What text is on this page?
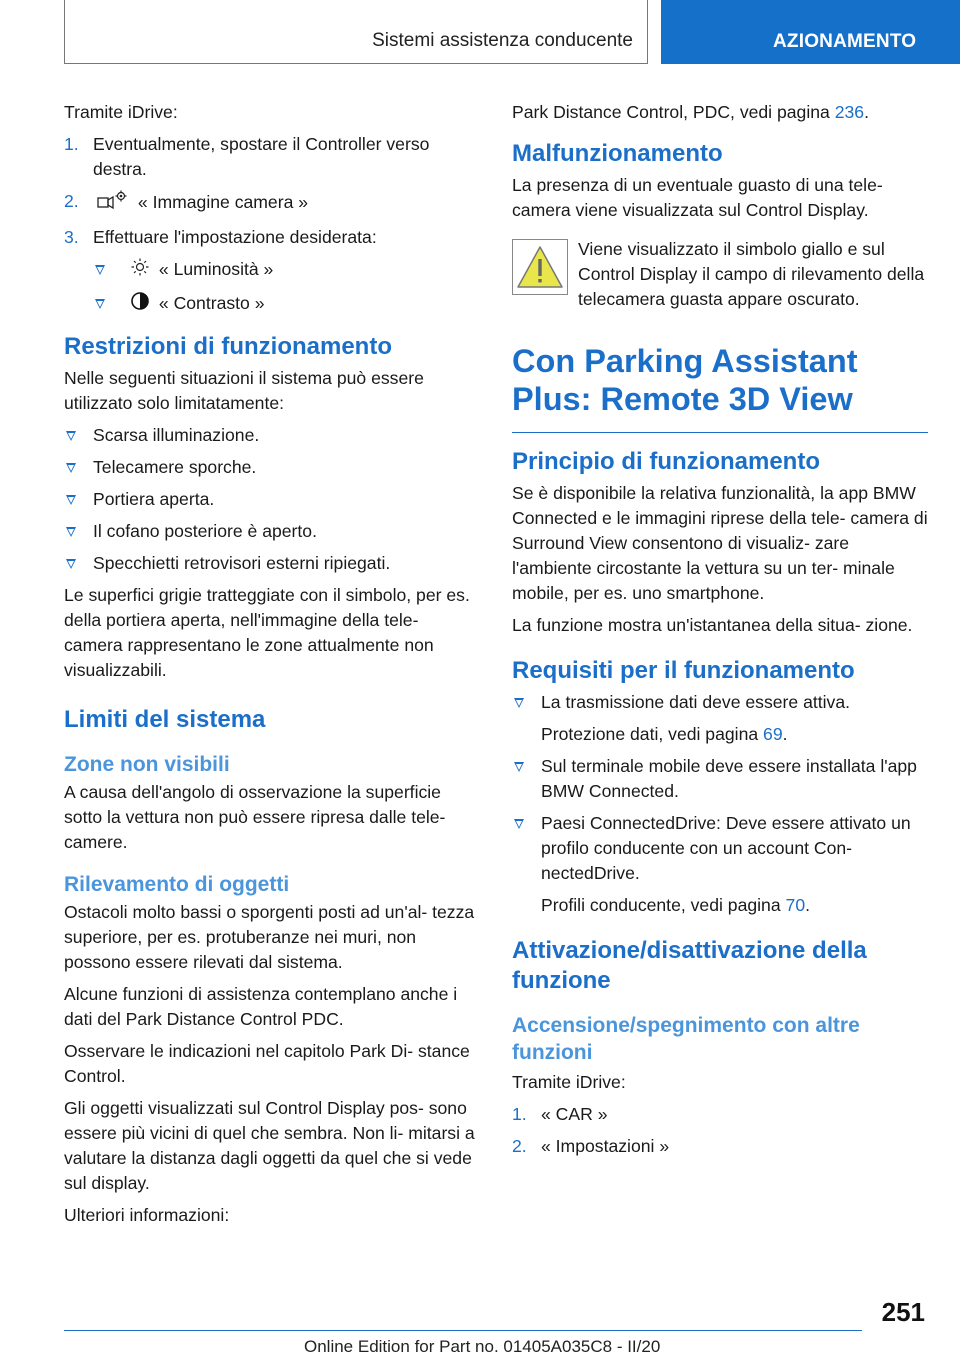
Sistemi assistenza conducente	AZIONAMENTO

Tramite iDrive:

1. Eventualmente, spostare il Controller verso destra.
2.	« Immagine camera »
3. Effettuare l'impostazione desiderata:
« Luminosità »
« Contrasto »
Restrizioni di funzionamento

Nelle seguenti situazioni il sistema può essere utilizzato solo limitatamente:

Scarsa illuminazione.
Telecamere sporche.
Portiera aperta.
Il cofano posteriore è aperto.
Specchietti retrovisori esterni ripiegati.

Le superfici grigie tratteggiate con il simbolo, per es. della portiera aperta, nell'immagine della tele‐ camera rappresentano le zone attualmente non visualizzabili.

Limiti del sistema
Zone non visibili

A causa dell'angolo di osservazione la superficie sotto la vettura non può essere ripresa dalle tele‐ camere.

Rilevamento di oggetti

Ostacoli molto bassi o sporgenti posti ad un'al‐ tezza superiore, per es. protuberanze nei muri, non possono essere rilevati dal sistema.

Alcune funzioni di assistenza contemplano anche i dati del Park Distance Control PDC.

Osservare le indicazioni nel capitolo Park Di‐ stance Control.

Gli oggetti visualizzati sul Control Display pos‐ sono essere più vicini di quel che sembra. Non li‐ mitarsi a valutare la distanza dagli oggetti da quel che si vede sul display.

Ulteriori informazioni:

Park Distance Control, PDC, vedi pagina 236.

Malfunzionamento

La presenza di un eventuale guasto di una tele‐ camera viene visualizzata sul Control Display.

Viene visualizzato il simbolo giallo e sul Control Display il campo di rilevamento della telecamera guasta appare oscurato.
Con Parking Assistant Plus: Remote 3D View
Principio di funzionamento

Se è disponibile la relativa funzionalità, la app BMW Connected e le immagini riprese della tele‐ camera di Surround View consentono di visualiz‐ zare l'ambiente circostante la vettura su un ter‐ minale mobile, per es. uno smartphone.

La funzione mostra un'istantanea della situa‐ zione.

Requisiti per il funzionamento
La trasmissione dati deve essere attiva.

Protezione dati, vedi pagina 69.

Sul terminale mobile deve essere installata l'app BMW Connected.
Paesi ConnectedDrive: Deve essere attivato un profilo conducente con un account Con‐ nectedDrive.

Profili conducente, vedi pagina 70.

Attivazione/disattivazione della funzione
Accensione/spegnimento con altre funzioni

Tramite iDrive:

1. « CAR »
2. « Impostazioni »
251
Online Edition for Part no. 01405A035C8 - II/20
